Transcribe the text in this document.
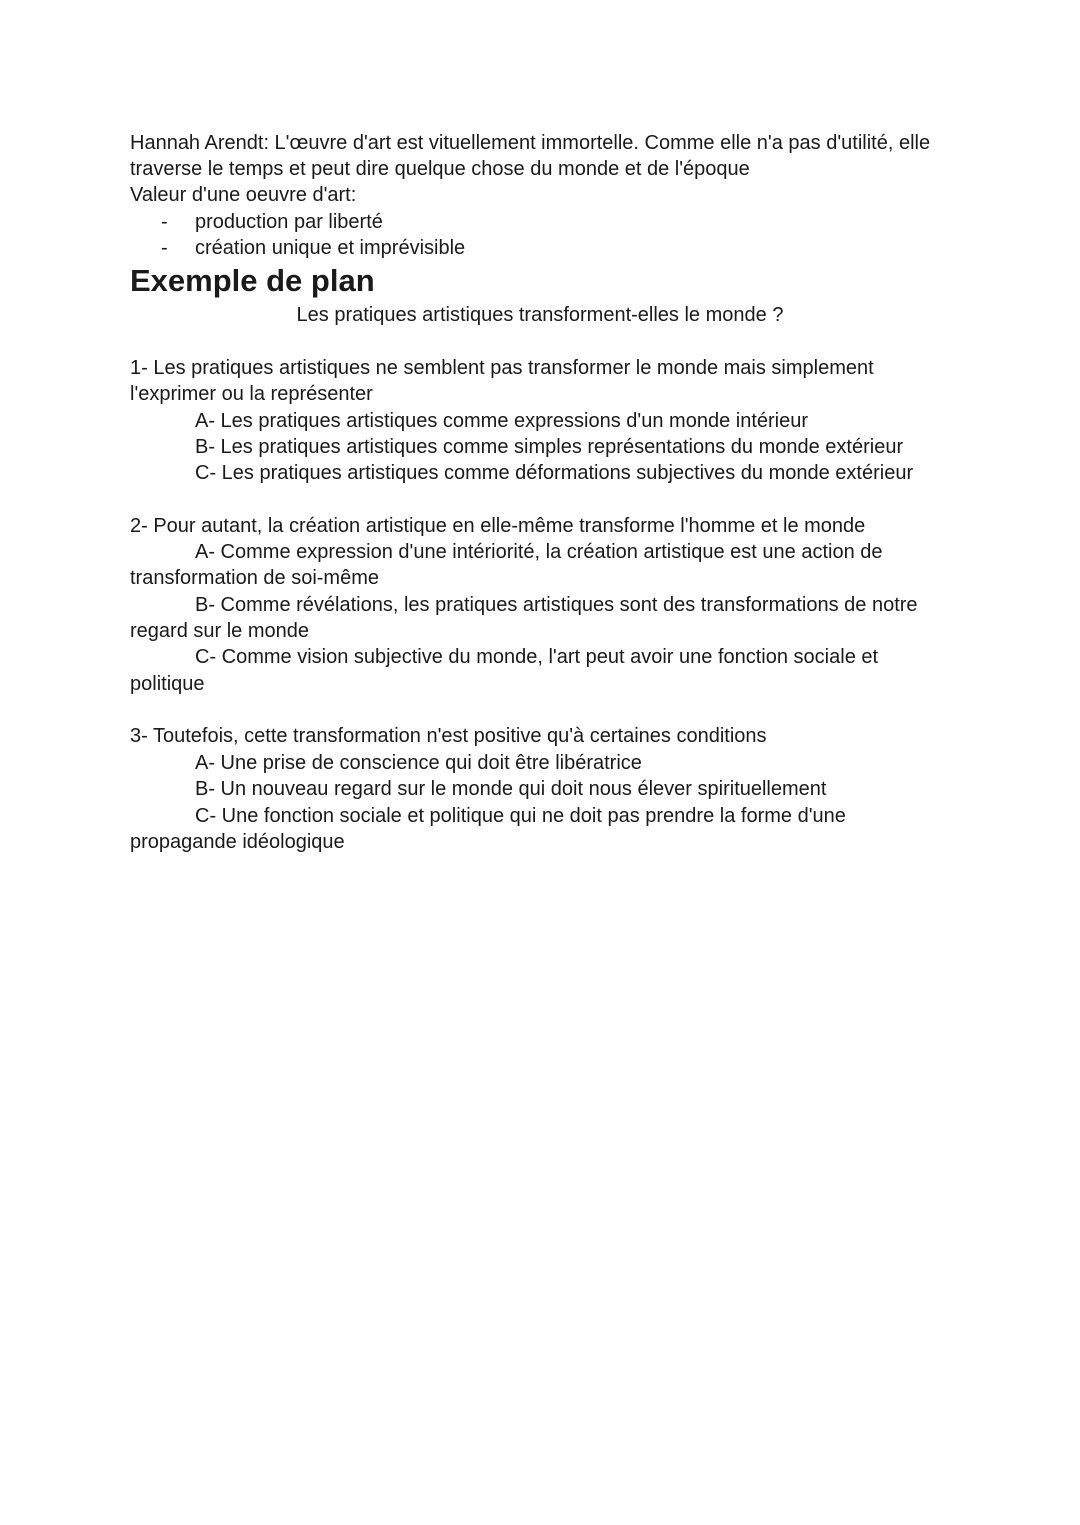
Hannah Arendt: L'œuvre d'art est vituellement immortelle. Comme elle n'a pas d'utilité, elle
traverse le temps et peut dire quelque chose du monde et de l'époque
Valeur d'une oeuvre d'art:
- production par liberté
- création unique et imprévisible
Exemple de plan
Les pratiques artistiques transforment-elles le monde ?
1- Les pratiques artistiques ne semblent pas transformer le monde mais simplement
l'exprimer ou la représenter
A- Les pratiques artistiques comme expressions d'un monde intérieur
B- Les pratiques artistiques comme simples représentations du monde extérieur
C- Les pratiques artistiques comme déformations subjectives du monde extérieur
2- Pour autant, la création artistique en elle-même transforme l'homme et le monde
A- Comme expression d'une intériorité, la création artistique est une action de
transformation de soi-même
B- Comme révélations, les pratiques artistiques sont des transformations de notre
regard sur le monde
C- Comme vision subjective du monde, l'art peut avoir une fonction sociale et
politique
3- Toutefois, cette transformation n'est positive qu'à certaines conditions
A- Une prise de conscience qui doit être libératrice
B- Un nouveau regard sur le monde qui doit nous élever spirituellement
C- Une fonction sociale et politique qui ne doit pas prendre la forme d'une
propagande idéologique
